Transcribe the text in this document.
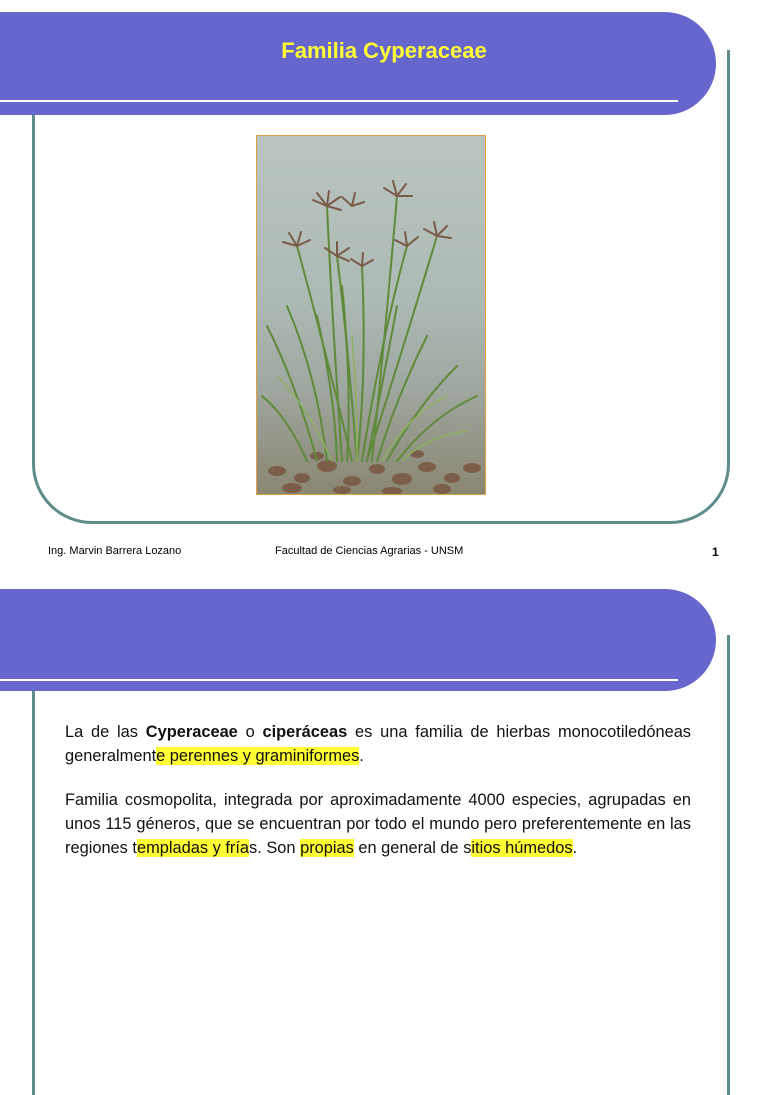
Familia Cyperaceae
Ing. Marvin Barrera Lozano	Facultad de Ciencias Agrarias - UNSM	1

La de las Cyperaceae o ciperáceas es una familia de hierbas monocotiledóneas generalmente perennes y graminiformes.

Familia cosmopolita, integrada por aproximadamente 4000 especies, agrupadas en unos 115 géneros, que se encuentran por todo el mundo pero preferentemente en las regiones templadas y frías. Son propias en general de sitios húmedos.
